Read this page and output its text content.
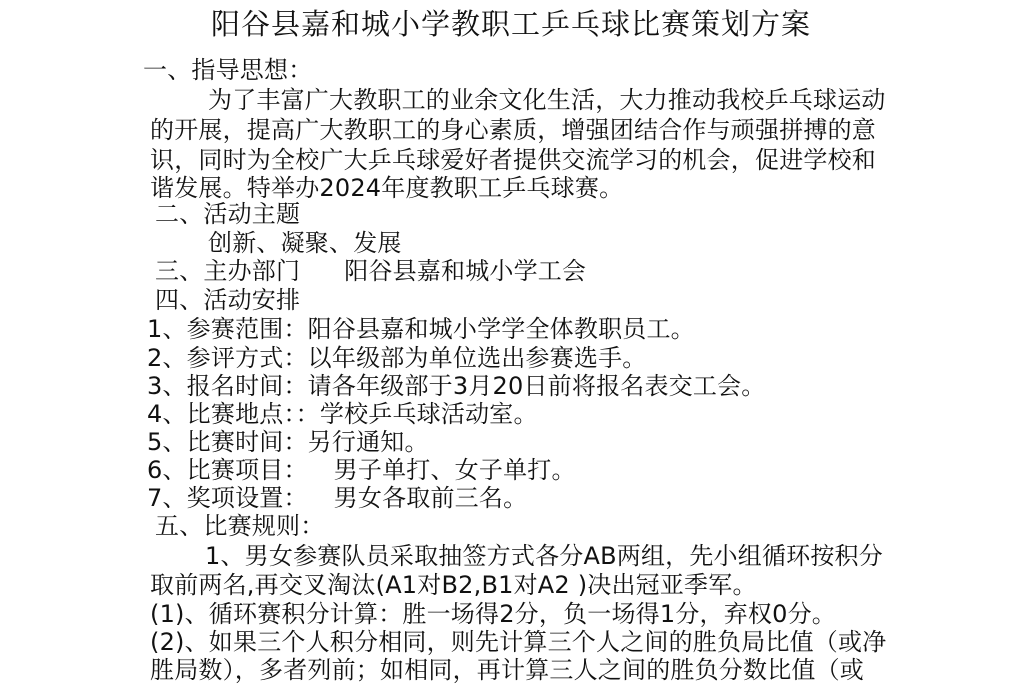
阳谷县嘉和城小学教职工乒乓球比赛策划方案
一、指导思想：
为了丰富广大教职工的业余文化生活，大力推动我校乒乓球运动
的开展，提高广大教职工的身心素质，增强团结合作与顽强拼搏的意
识，同时为全校广大乒乓球爱好者提供交流学习的机会，促进学校和
谐发展。特举办2024年度教职工乒乓球赛。
二、活动主题
创新、凝聚、发展
三、主办部门 阳谷县嘉和城小学工会
四、活动安排
1、参赛范围：阳谷县嘉和城小学学全体教职员工。
2、参评方式：以年级部为单位选出参赛选手。
3、报名时间：请各年级部于3月20日前将报名表交工会。
4、比赛地点：：学校乒乓球活动室。
5、比赛时间：另行通知。
6、比赛项目： 男子单打、女子单打。
7、奖项设置： 男女各取前三名。
五、比赛规则：
1、男女参赛队员采取抽签方式各分AB两组，先小组循环按积分
取前两名,再交叉淘汰(A1对B2,B1对A2 )决出冠亚季军。
(1)、循环赛积分计算：胜一场得2分，负一场得1分，弃权0分。
(2)、如果三个人积分相同，则先计算三个人之间的胜负局比值（或净
胜局数），多者列前；如相同，再计算三人之间的胜负分数比值（或
